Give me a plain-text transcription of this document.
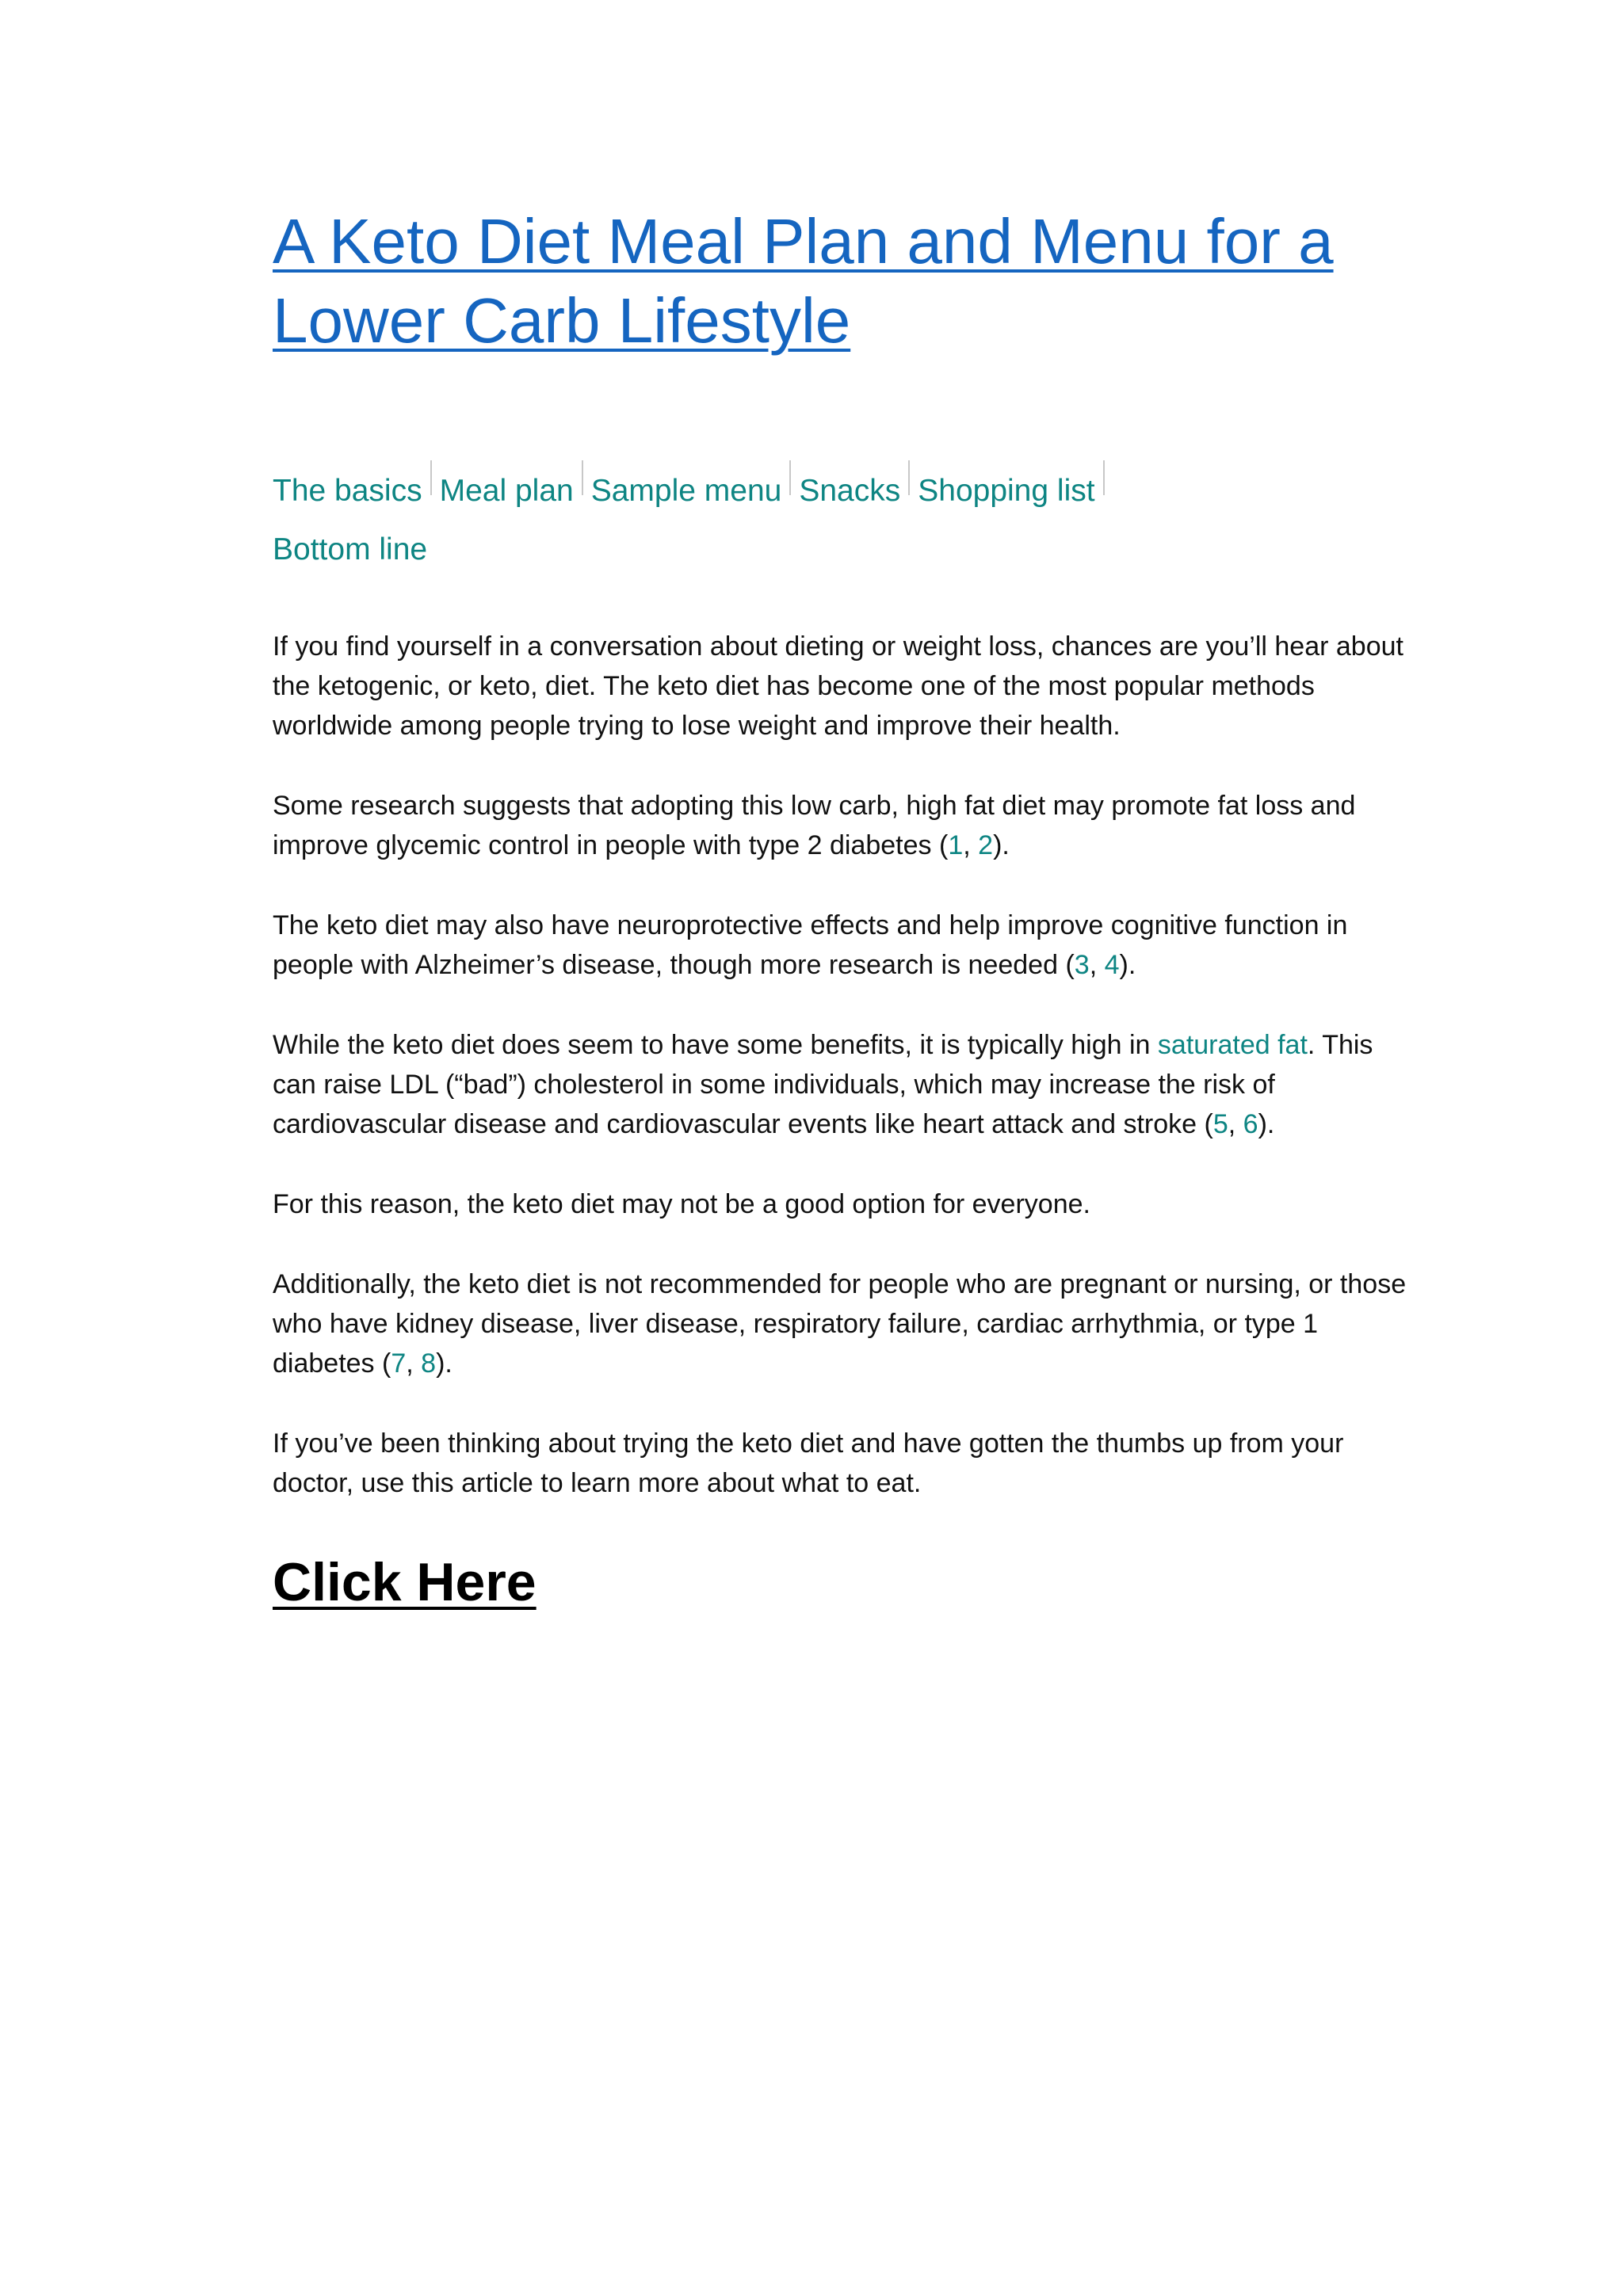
A Keto Diet Meal Plan and Menu for a Lower Carb Lifestyle
The basics Meal plan Sample menu Snacks Shopping list
Bottom line

If you find yourself in a conversation about dieting or weight loss, chances are you’ll hear about the ketogenic, or keto, diet. The keto diet has become one of the most popular methods worldwide among people trying to lose weight and improve their health.

Some research suggests that adopting this low carb, high fat diet may promote fat loss and improve glycemic control in people with type 2 diabetes (1, 2).

The keto diet may also have neuroprotective effects and help improve cognitive function in people with Alzheimer’s disease, though more research is needed (3, 4).

While the keto diet does seem to have some benefits, it is typically high in saturated fat. This can raise LDL (“bad”) cholesterol in some individuals, which may increase the risk of cardiovascular disease and cardiovascular events like heart attack and stroke (5, 6).

For this reason, the keto diet may not be a good option for everyone.

Additionally, the keto diet is not recommended for people who are pregnant or nursing, or those who have kidney disease, liver disease, respiratory failure, cardiac arrhythmia, or type 1 diabetes (7, 8).

If you’ve been thinking about trying the keto diet and have gotten the thumbs up from your doctor, use this article to learn more about what to eat.

Click Here
